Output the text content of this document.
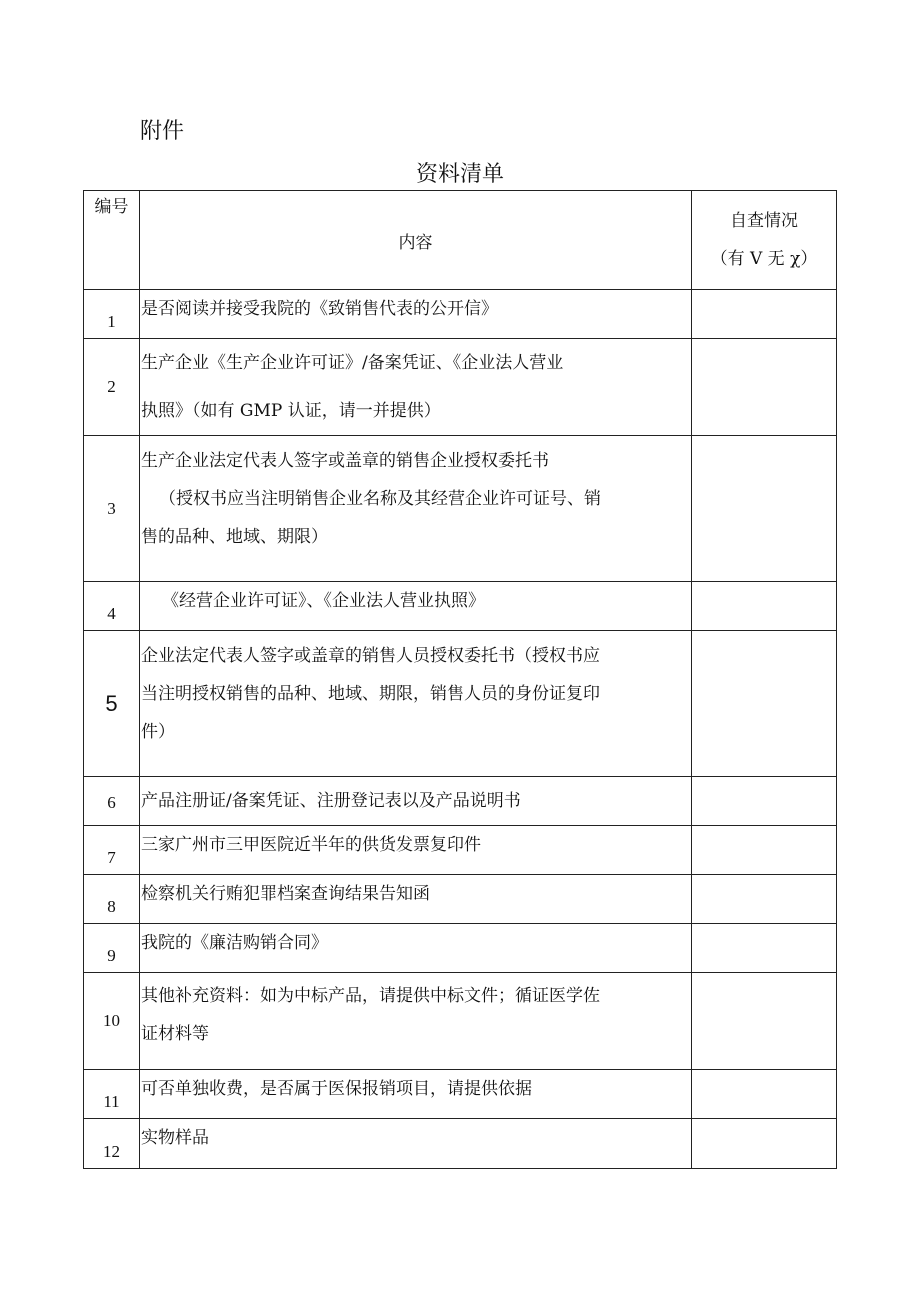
附件
资料清单
编号	内容	自查情况
（有 V 无 χ）

1	是否阅读并接受我院的《致销售代表的公开信》	

2	生产企业《生产企业许可证》/备案凭证、《企业法人营业
执照》（如有 GMP 认证，请一并提供）	

3	生产企业法定代表人签字或盖章的销售企业授权委托书
（授权书应当注明销售企业名称及其经营企业许可证号、销
售的品种、地域、期限）	

4	《经营企业许可证》、《企业法人营业执照》	

5	企业法定代表人签字或盖章的销售人员授权委托书（授权书应
当注明授权销售的品种、地域、期限，销售人员的身份证复印
件）	

6	产品注册证/备案凭证、注册登记表以及产品说明书	

7	三家广州市三甲医院近半年的供货发票复印件	

8	检察机关行贿犯罪档案查询结果告知函	

9	我院的《廉洁购销合同》	

10	其他补充资料：如为中标产品，请提供中标文件；循证医学佐
证材料等	

11	可否单独收费，是否属于医保报销项目，请提供依据	

12	实物样品	
